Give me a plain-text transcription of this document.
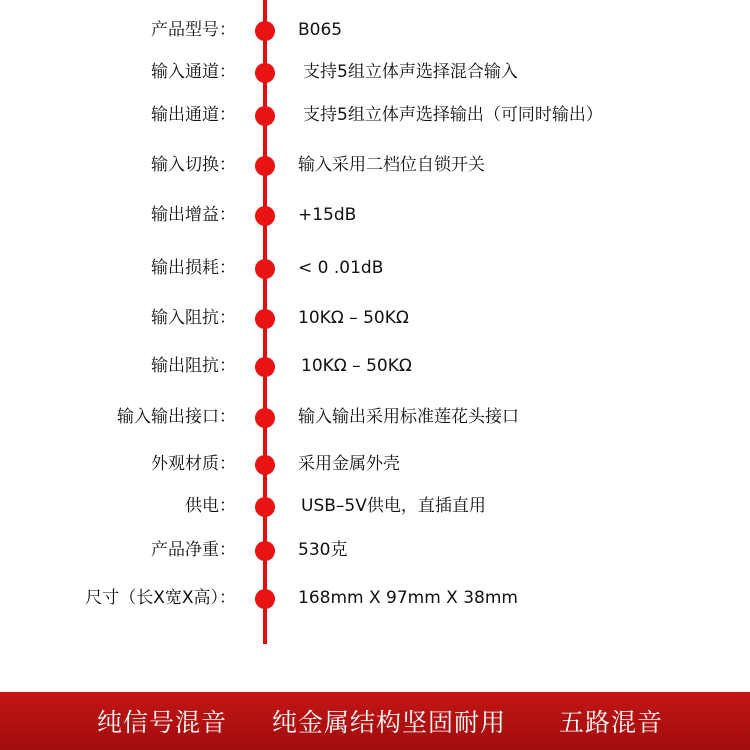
产品型号：	B065
输入通道：	支持5组立体声选择混合输入
输出通道：	支持5组立体声选择输出（可同时输出）
输入切换：	输入采用二档位自锁开关
输出增益：	+15dB
输出损耗：	< 0 .01dB
输入阻抗：	10KΩ – 50KΩ
输出阻抗：	10KΩ – 50KΩ
输入输出接口：	输入输出采用标准莲花头接口
外观材质：	采用金属外壳
供电：	USB–5V供电，直插直用
产品净重：	530克
尺寸（长X宽X高）：	168mm X 97mm X 38mm
纯信号混音 纯金属结构坚固耐用 五路混音
